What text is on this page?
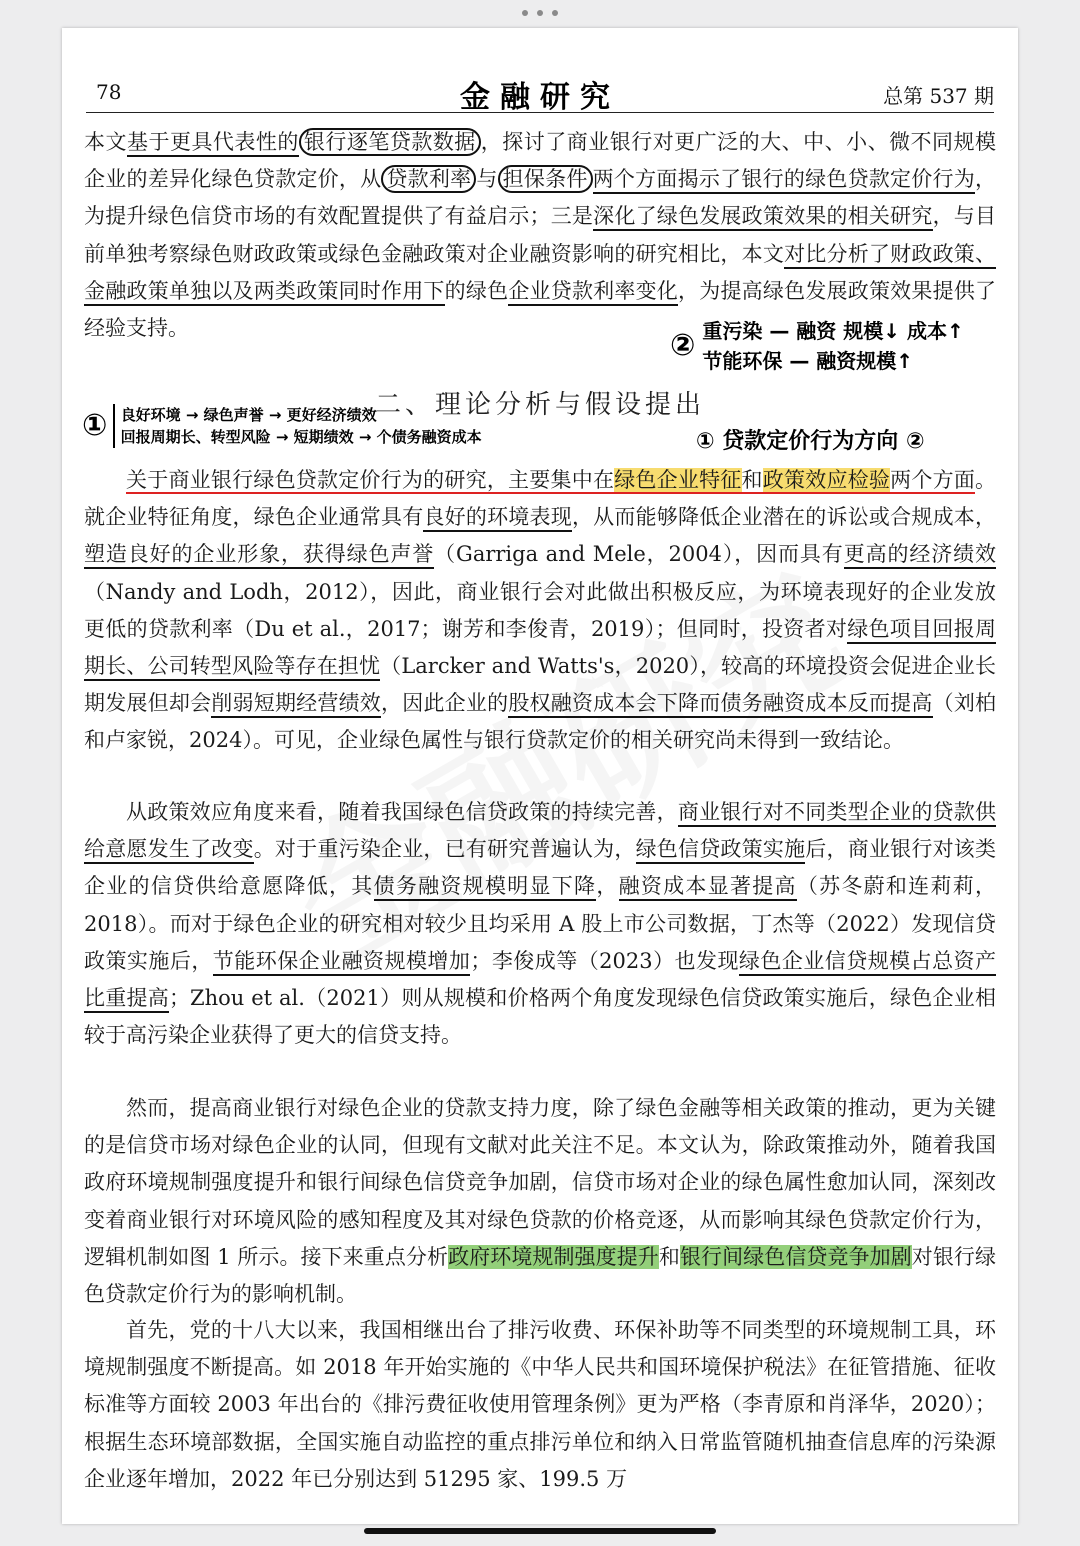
78	金融研究	总第 537 期

本文基于更具代表性的 银行逐笔贷款数据 ，探讨了商业银行对更广泛的大、中、小、微不同规模企业的差异化绿色贷款定价，从 贷款利率 与 担保条件 两个方面揭示了银行的绿色贷款定价行为，为提升绿色信贷市场的有效配置提供了有益启示；三是深化了绿色发展政策效果的相关研究，与目前单独考察绿色财政政策或绿色金融政策对企业融资影响的研究相比，本文对比分析了财政政策、金融政策单独以及两类政策同时作用下的绿色企业贷款利率变化，为提高绿色发展政策效果提供了经验支持。	② 重污染 — 融资 规模↓ 成本↑
节能环保 — 融资规模↑
二、理论分析与假设提出
① 良好环境 → 绿色声誉 → 更好经济绩效
回报周期长、转型风险 → 短期绩效 → 个债务融资成本	① 贷款定价行为方向 ②

关于商业银行绿色贷款定价行为的研究，主要集中在绿色企业特征和政策效应检验两个方面。就企业特征角度，绿色企业通常具有良好的环境表现，从而能够降低企业潜在的诉讼或合规成本，塑造良好的企业形象，获得绿色声誉（Garriga and Mele，2004），因而具有更高的经济绩效（Nandy and Lodh，2012），因此，商业银行会对此做出积极反应，为环境表现好的企业发放更低的贷款利率（Du et al.，2017；谢芳和李俊青，2019）；但同时，投资者对绿色项目回报周期长、公司转型风险等存在担忧（Larcker and Watts's，2020），较高的环境投资会促进企业长期发展但却会削弱短期经营绩效，因此企业的股权融资成本会下降而债务融资成本反而提高（刘柏和卢家锐，2024）。可见，企业绿色属性与银行贷款定价的相关研究尚未得到一致结论。

从政策效应角度来看，随着我国绿色信贷政策的持续完善，商业银行对不同类型企业的贷款供给意愿发生了改变。对于重污染企业，已有研究普遍认为，绿色信贷政策实施后，商业银行对该类企业的信贷供给意愿降低，其债务融资规模明显下降，融资成本显著提高（苏冬蔚和连莉莉，2018）。而对于绿色企业的研究相对较少且均采用 A 股上市公司数据，丁杰等（2022）发现信贷政策实施后，节能环保企业融资规模增加；李俊成等（2023）也发现绿色企业信贷规模占总资产比重提高；Zhou et al.（2021）则从规模和价格两个角度发现绿色信贷政策实施后，绿色企业相较于高污染企业获得了更大的信贷支持。

然而，提高商业银行对绿色企业的贷款支持力度，除了绿色金融等相关政策的推动，更为关键的是信贷市场对绿色企业的认同，但现有文献对此关注不足。本文认为，除政策推动外，随着我国政府环境规制强度提升和银行间绿色信贷竞争加剧，信贷市场对企业的绿色属性愈加认同，深刻改变着商业银行对环境风险的感知程度及其对绿色贷款的价格竞逐，从而影响其绿色贷款定价行为，逻辑机制如图 1 所示。接下来重点分析政府环境规制强度提升和银行间绿色信贷竞争加剧对银行绿色贷款定价行为的影响机制。

首先，党的十八大以来，我国相继出台了排污收费、环保补助等不同类型的环境规制工具，环境规制强度不断提高。如 2018 年开始实施的《中华人民共和国环境保护税法》在征管措施、征收标准等方面较 2003 年出台的《排污费征收使用管理条例》更为严格（李青原和肖泽华，2020）；根据生态环境部数据，全国实施自动监控的重点排污单位和纳入日常监管随机抽查信息库的污染源企业逐年增加，2022 年已分别达到 51295 家、199.5 万
